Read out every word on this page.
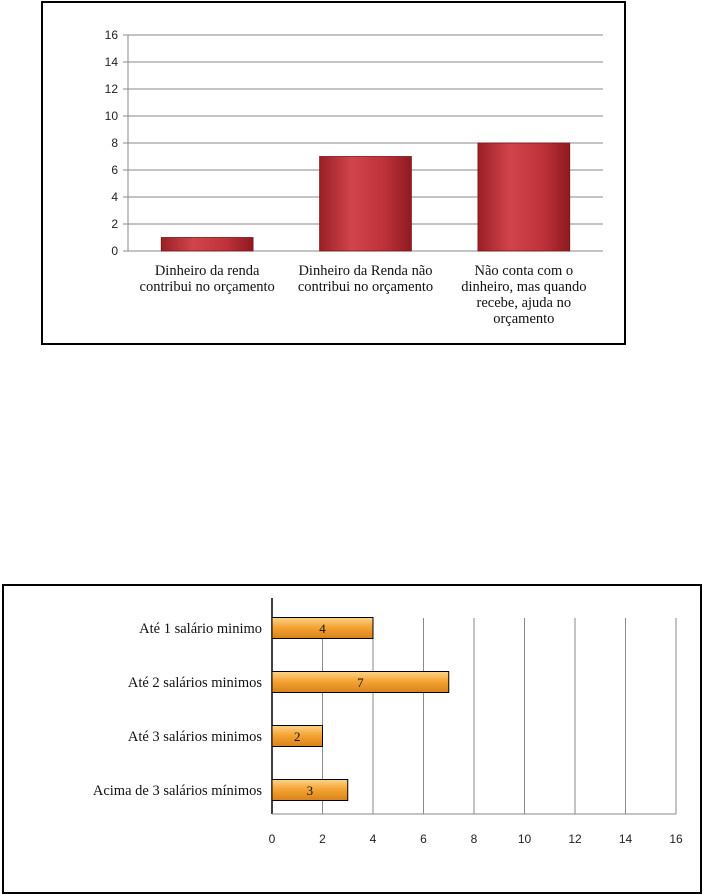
0
2
4
6
8
10
12
14
16
Dinheiro da renda contribui no orçamento
Dinheiro da Renda não contribui no orçamento
Não conta com o dinheiro, mas quando recebe, ajuda no orçamento
0	2	4	6	8	10	12	14	16
4
Até 1 salário minimo
7
Até 2 salários minimos
2
Até 3 salários minimos
3
Acima de 3 salários mínimos
